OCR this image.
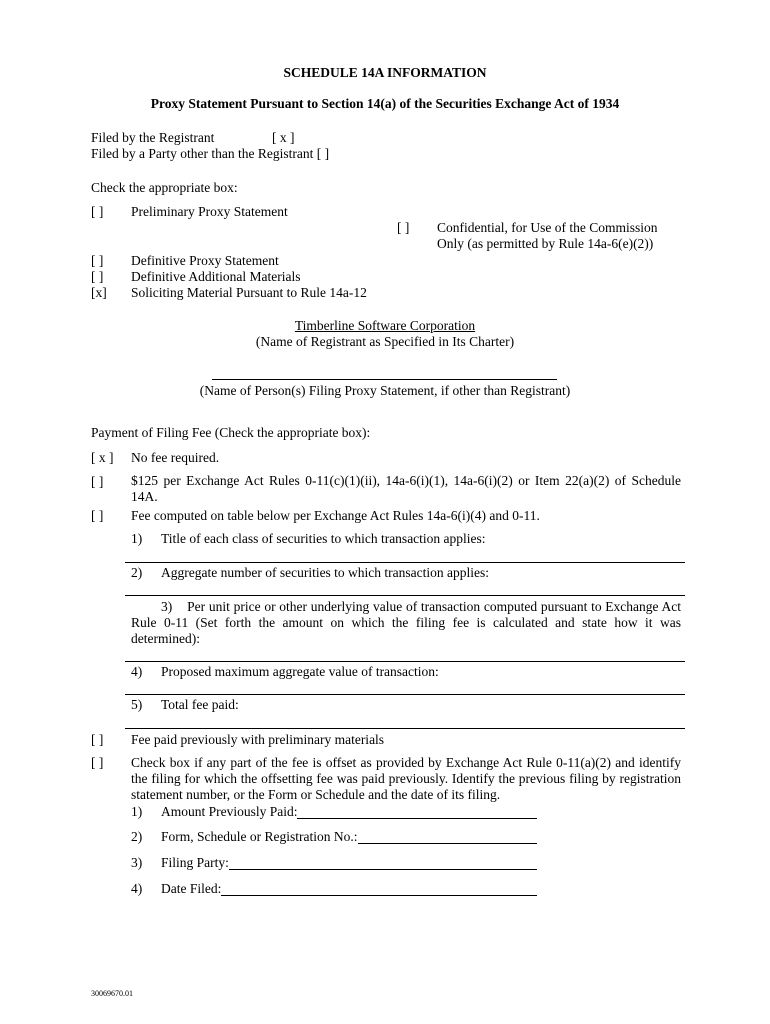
SCHEDULE 14A INFORMATION
Proxy Statement Pursuant to Section 14(a) of the Securities Exchange Act of 1934
Filed by the Registrant	[ x ]
Filed by a Party other than the Registrant [ ]
Check the appropriate box:
[ ] Preliminary Proxy Statement
[ ] Confidential, for Use of the Commission
Only (as permitted by Rule 14a-6(e)(2))
[ ] Definitive Proxy Statement
[ ] Definitive Additional Materials
[x] Soliciting Material Pursuant to Rule 14a-12
Timberline Software Corporation
(Name of Registrant as Specified in Its Charter)
(Name of Person(s) Filing Proxy Statement, if other than Registrant)
Payment of Filing Fee (Check the appropriate box):
[ x ] No fee required.
[ ] $125 per Exchange Act Rules 0-11(c)(1)(ii), 14a-6(i)(1), 14a-6(i)(2) or Item 22(a)(2) of Schedule 14A.
[ ] Fee computed on table below per Exchange Act Rules 14a-6(i)(4) and 0-11.
1) Title of each class of securities to which transaction applies:
2) Aggregate number of securities to which transaction applies:
3) Per unit price or other underlying value of transaction computed pursuant to Exchange Act Rule 0-11 (Set forth the amount on which the filing fee is calculated and state how it was determined):
4) Proposed maximum aggregate value of transaction:
5) Total fee paid:
[ ] Fee paid previously with preliminary materials
[ ] Check box if any part of the fee is offset as provided by Exchange Act Rule 0-11(a)(2) and identify the filing for which the offsetting fee was paid previously. Identify the previous filing by registration statement number, or the Form or Schedule and the date of its filing.
1) Amount Previously Paid:
2) Form, Schedule or Registration No.:
3) Filing Party:
4) Date Filed:
30069670.01
